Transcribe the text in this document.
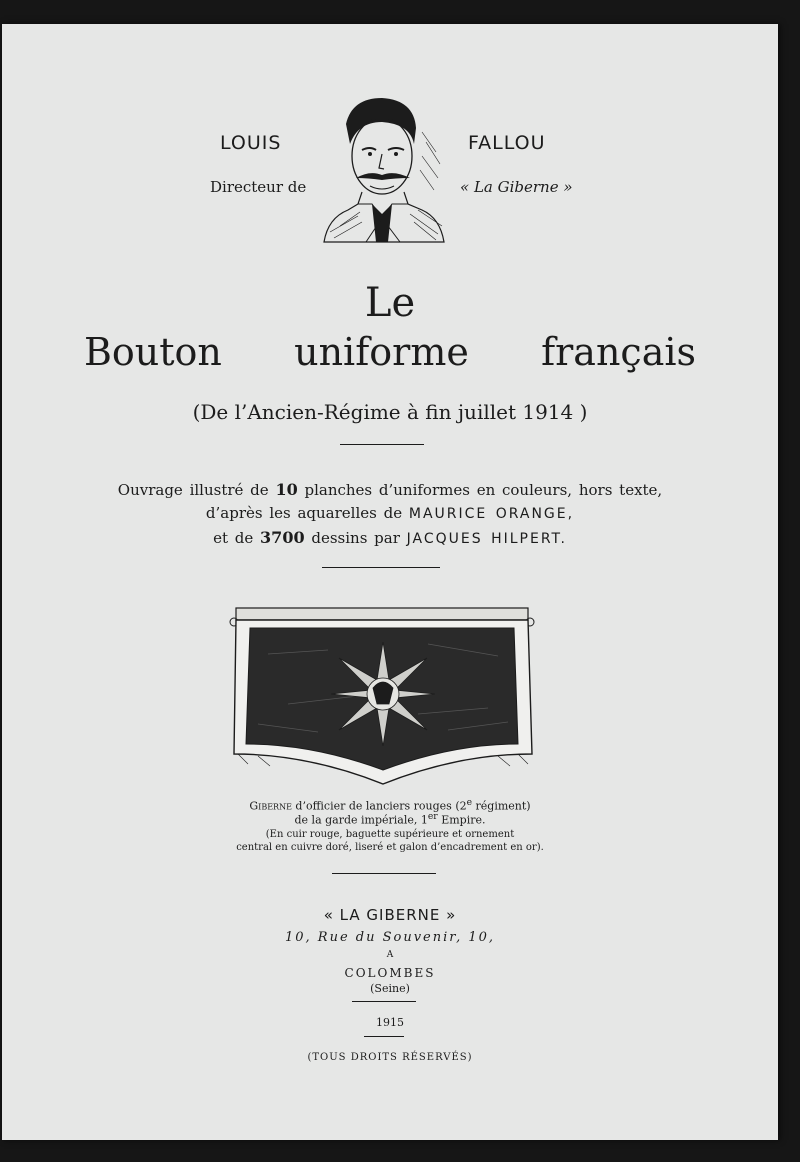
LOUIS	FALLOU
Directeur de	« La Giberne »
Le
Bouton   uniforme   français
(De l’Ancien-Régime à fin juillet 1914 )
Ouvrage illustré de 10 planches d’uniformes en couleurs, hors texte,
d’après les aquarelles de MAURICE ORANGE,
et de 3700 dessins par JACQUES HILPERT.
Giberne d’officier de lanciers rouges (2e régiment)
de la garde impériale, 1er Empire.
(En cuir rouge, baguette supérieure et ornement
central en cuivre doré, liseré et galon d’encadrement en or).
« LA GIBERNE »
10, Rue du Souvenir, 10,
A
COLOMBES
(Seine)
1915
(TOUS DROITS RÉSERVÉS)
